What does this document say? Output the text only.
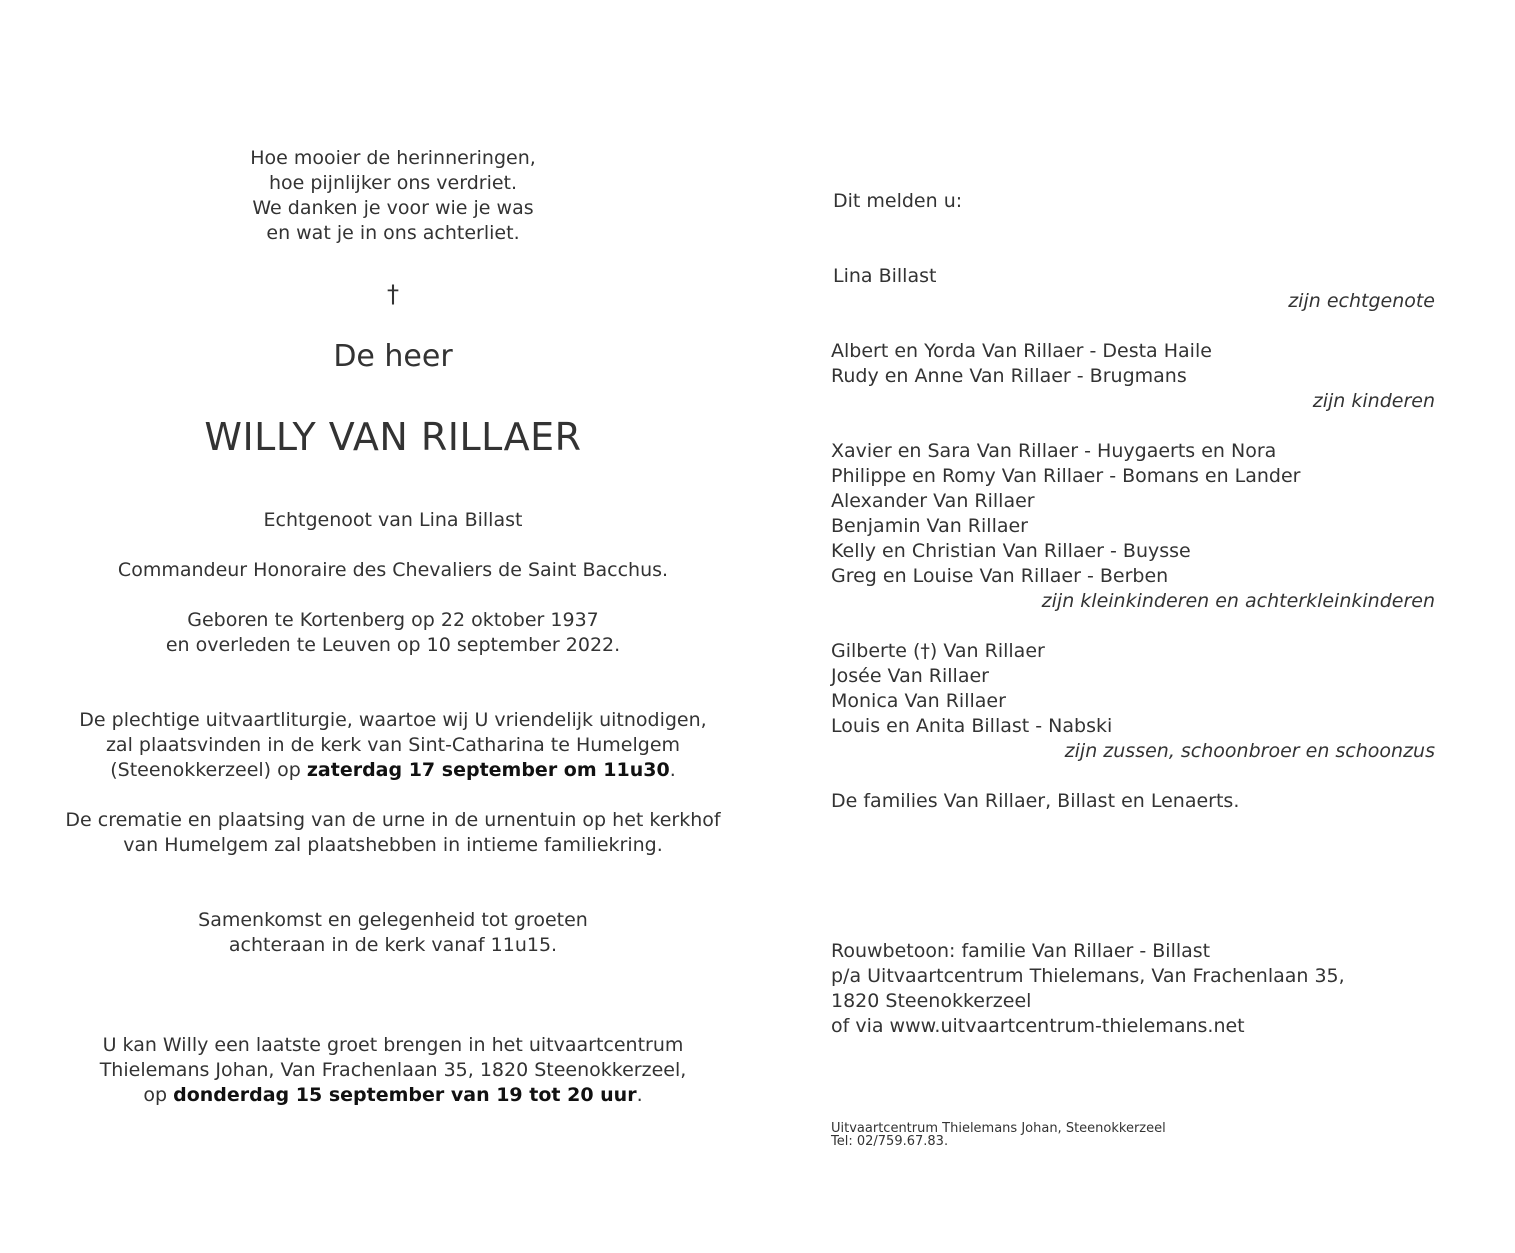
Hoe mooier de herinneringen,
hoe pijnlijker ons verdriet.
We danken je voor wie je was
en wat je in ons achterliet.
†
De heer
WILLY VAN RILLAER
Echtgenoot van Lina Billast
Commandeur Honoraire des Chevaliers de Saint Bacchus.
Geboren te Kortenberg op 22 oktober 1937
en overleden te Leuven op 10 september 2022.
De plechtige uitvaartliturgie, waartoe wij U vriendelijk uitnodigen,
zal plaatsvinden in de kerk van Sint-Catharina te Humelgem
(Steenokkerzeel) op zaterdag 17 september om 11u30.
De crematie en plaatsing van de urne in de urnentuin op het kerkhof
van Humelgem zal plaatshebben in intieme familiekring.
Samenkomst en gelegenheid tot groeten
achteraan in de kerk vanaf 11u15.
U kan Willy een laatste groet brengen in het uitvaartcentrum
Thielemans Johan, Van Frachenlaan 35, 1820 Steenokkerzeel,
op donderdag 15 september van 19 tot 20 uur.
Dit melden u:
Lina Billast
zijn echtgenote
Albert en Yorda Van Rillaer - Desta Haile
Rudy en Anne Van Rillaer - Brugmans
zijn kinderen
Xavier en Sara Van Rillaer - Huygaerts en Nora
Philippe en Romy Van Rillaer - Bomans en Lander
Alexander Van Rillaer
Benjamin Van Rillaer
Kelly en Christian Van Rillaer - Buysse
Greg en Louise Van Rillaer - Berben
zijn kleinkinderen en achterkleinkinderen
Gilberte (†) Van Rillaer
Josée Van Rillaer
Monica Van Rillaer
Louis en Anita Billast - Nabski
zijn zussen, schoonbroer en schoonzus
De families Van Rillaer, Billast en Lenaerts.
Rouwbetoon: familie Van Rillaer - Billast
p/a Uitvaartcentrum Thielemans, Van Frachenlaan 35,
1820 Steenokkerzeel
of via www.uitvaartcentrum-thielemans.net
Uitvaartcentrum Thielemans Johan, Steenokkerzeel
Tel: 02/759.67.83.
